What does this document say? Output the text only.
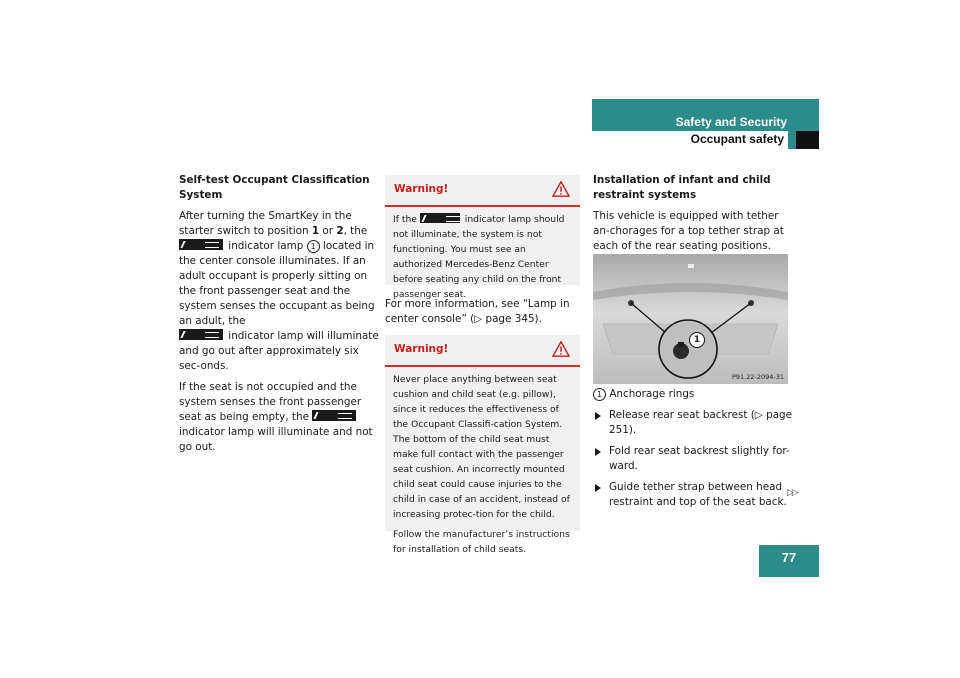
Safety and Security
Occupant safety

Self-test Occupant Classification System

After turning the SmartKey in the starter switch to position 1 or 2, the
indicator lamp 1 located in the center console illuminates. If an adult occupant is properly sitting on the front passenger seat and the system senses the occupant as being an adult, the
indicator lamp will illuminate and go out after approximately six sec-onds.

If the seat is not occupied and the system senses the front passenger seat as being empty, the  indicator lamp will illuminate and not go out.

Warning!

If the	indicator lamp should not illuminate, the system is not functioning. You must see an authorized Mercedes-Benz Center before seating any child on the front passenger seat.

For more information, see “Lamp in center console” (▷ page 345).

Warning!

Never place anything between seat cushion and child seat (e.g. pillow), since it reduces the effectiveness of the Occupant Classifi-cation System. The bottom of the child seat must make full contact with the passenger seat cushion. An incorrectly mounted child seat could cause injuries to the child in case of an accident, instead of increasing protec-tion for the child.

Follow the manufacturer’s instructions for installation of child seats.

Installation of infant and child restraint systems

This vehicle is equipped with tether an-chorages for a top tether strap at each of the rear seating positions.

1
P91.22-2094-31

1 Anchorage rings

Release rear seat backrest (▷ page 251).

Fold rear seat backrest slightly for-ward.

Guide tether strap between head restraint and top of the seat back.

▷▷
77
